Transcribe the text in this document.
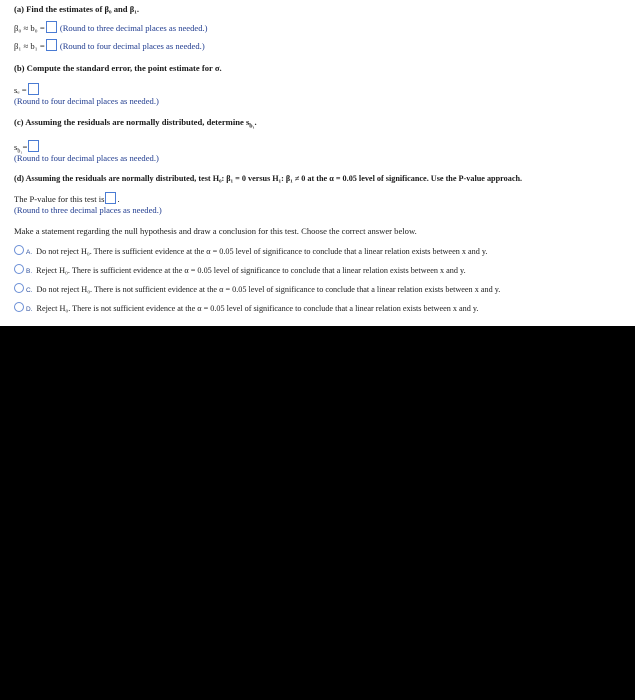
(a) Find the estimates of β₀ and β₁.
β₀ ≈ b₀ = (Round to three decimal places as needed.)
β₁ ≈ b₁ = (Round to four decimal places as needed.)
(b) Compute the standard error, the point estimate for σ.
sₑ =
(Round to four decimal places as needed.)
(c) Assuming the residuals are normally distributed, determine $s_{b_1}$.
$s_{b_1}=$
(Round to four decimal places as needed.)
(d) Assuming the residuals are normally distributed, test H₀: β₁ = 0 versus H₁: β₁ ≠ 0 at the α = 0.05 level of significance. Use the P-value approach.
The P-value for this test is .
(Round to three decimal places as needed.)
Make a statement regarding the null hypothesis and draw a conclusion for this test. Choose the correct answer below.
A. Do not reject H₀. There is sufficient evidence at the α = 0.05 level of significance to conclude that a linear relation exists between x and y.
B. Reject H₀. There is sufficient evidence at the α = 0.05 level of significance to conclude that a linear relation exists between x and y.
C. Do not reject H₀. There is not sufficient evidence at the α = 0.05 level of significance to conclude that a linear relation exists between x and y.
D. Reject H₀. There is not sufficient evidence at the α = 0.05 level of significance to conclude that a linear relation exists between x and y.
